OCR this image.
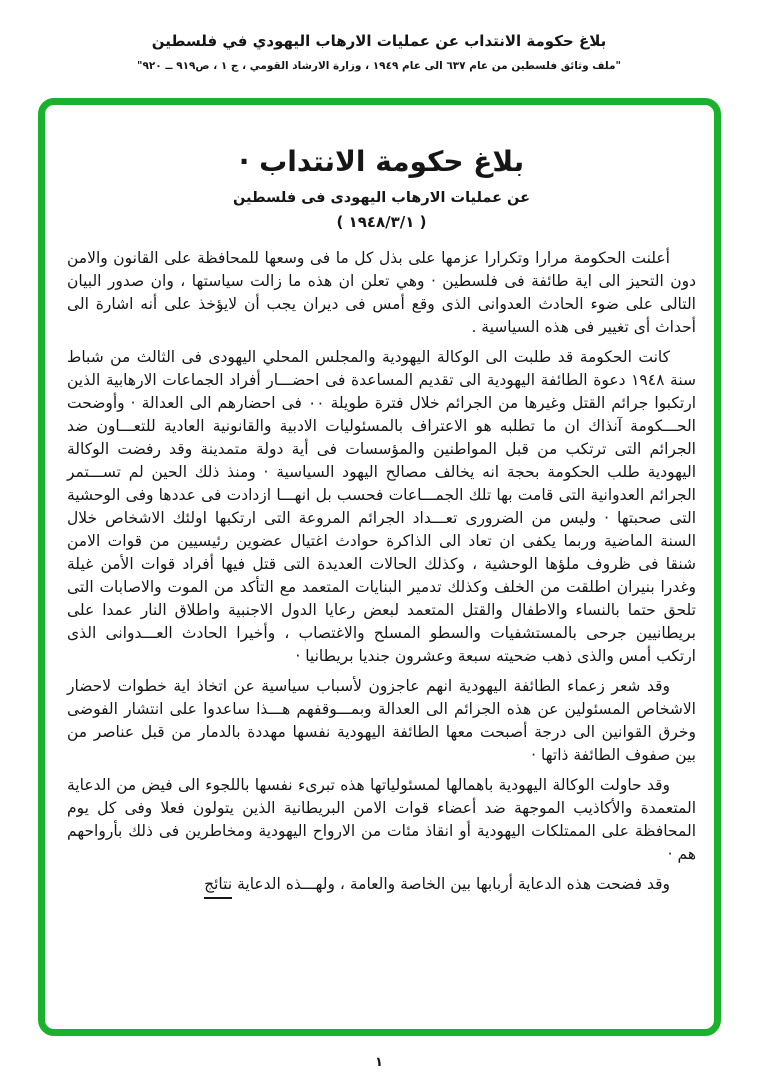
بلاغ حكومة الانتداب عن عمليات الارهاب اليهودي في فلسطين
"ملف وثائق فلسطين من عام ٦٣٧ الى عام ١٩٤٩ ، وزارة الارشاد القومي ، ج ١ ، ص٩١٩ ــ ٩٢٠"
بلاغ حكومة الانتداب ·
عن عمليات الارهاب اليهودى فى فلسطين
( ١٩٤٨/٣/١ )

أعلنت الحكومة مرارا وتكرارا عزمها على بذل كل ما فى وسعها للمحافظة على القانون والامن دون التحيز الى اية طائفة فى فلسطين · وهي تعلن ان هذه ما زالت سياستها ، وان صدور البيان التالى على ضوء الحادث العدوانى الذى وقع أمس فى ديران يجب أن لايؤخذ على أنه اشارة الى أحداث أى تغيير فى هذه السياسية .

كانت الحكومة قد طلبت الى الوكالة اليهودية والمجلس المحلي اليهودى فى الثالث من شباط سنة ١٩٤٨ دعوة الطائفة اليهودية الى تقديم المساعدة فى احضـــار أفراد الجماعات الارهابية الذين ارتكبوا جرائم القتل وغيرها من الجرائم خلال فترة طويلة ٠٠ فى احضارهم الى العدالة · وأوضحت الحـــكومة آنذاك ان ما تطلبه هو الاعتراف بالمسئوليات الادبية والقانونية العادية للتعـــاون ضد الجرائم التى ترتكب من قبل المواطنين والمؤسسات فى أية دولة متمدينة وقد رفضت الوكالة اليهودية طلب الحكومة بحجة انه يخالف مصالح اليهود السياسية · ومنذ ذلك الحين لم تســـتمر الجرائم العدوانية التى قامت بها تلك الجمـــاعات فحسب بل انهـــا ازدادت فى عددها وفى الوحشية التى صحبتها · وليس من الضرورى تعـــداد الجرائم المروعة التى ارتكبها اولئك الاشخاص خلال السنة الماضية وربما يكفى ان تعاد الى الذاكرة حوادث اغتيال عضوين رئيسيين من قوات الامن شنقا فى ظروف ملؤها الوحشية ، وكذلك الحالات العديدة التى قتل فيها أفراد قوات الأمن غيلة وغدرا بنيران اطلقت من الخلف وكذلك تدمير البنايات المتعمد مع التأكد من الموت والاصابات التى تلحق حتما بالنساء والاطفال والقتل المتعمد لبعض رعايا الدول الاجنبية واطلاق النار عمدا على بريطانيين جرحى بالمستشفيات والسطو المسلح والاغتصاب ، وأخيرا الحادث العـــدوانى الذى ارتكب أمس والذى ذهب ضحيته سبعة وعشرون جنديا بريطانيا ·

وقد شعر زعماء الطائفة اليهودية انهم عاجزون لأسباب سياسية عن اتخاذ اية خطوات لاحضار الاشخاص المسئولين عن هذه الجرائم الى العدالة وبمـــوقفهم هـــذا ساعدوا على انتشار الفوضى وخرق القوانين الى درجة أصبحت معها الطائفة اليهودية نفسها مهددة بالدمار من قبل عناصر من بين صفوف الطائفة ذاتها ·

وقد حاولت الوكالة اليهودية باهمالها لمسئولياتها هذه تبرىء نفسها باللجوء الى فيض من الدعاية المتعمدة والأكاذيب الموجهة ضد أعضاء قوات الامن البريطانية الذين يتولون فعلا وفى كل يوم المحافظة على الممتلكات اليهودية أو انقاذ مئات من الارواح اليهودية ومخاطرين فى ذلك بأرواحهم هم ·

وقد فضحت هذه الدعاية أربابها بين الخاصة والعامة ، ولهـــذه الدعاية نتائج

١
